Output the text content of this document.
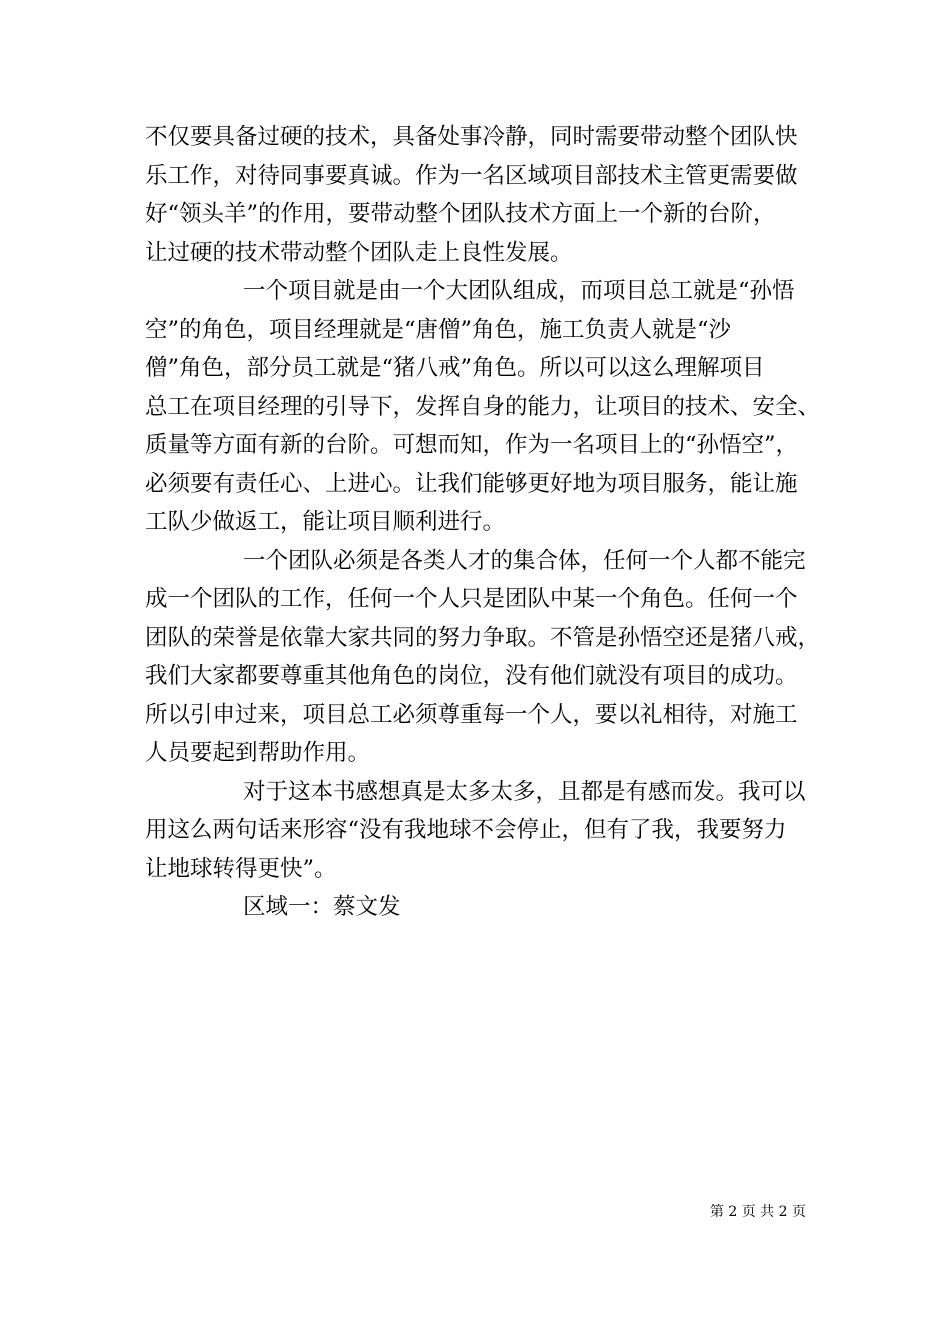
不仅要具备过硬的技术，具备处事冷静，同时需要带动整个团队快
乐工作，对待同事要真诚。作为一名区域项目部技术主管更需要做
好“领头羊”的作用，要带动整个团队技术方面上一个新的台阶，
让过硬的技术带动整个团队走上良性发展。
一个项目就是由一个大团队组成，而项目总工就是“孙悟
空”的角色，项目经理就是“唐僧”角色，施工负责人就是“沙
僧”角色，部分员工就是“猪八戒”角色。所以可以这么理解项目
总工在项目经理的引导下，发挥自身的能力，让项目的技术、安全、
质量等方面有新的台阶。可想而知，作为一名项目上的“孙悟空”，
必须要有责任心、上进心。让我们能够更好地为项目服务，能让施
工队少做返工，能让项目顺利进行。
一个团队必须是各类人才的集合体，任何一个人都不能完
成一个团队的工作，任何一个人只是团队中某一个角色。任何一个
团队的荣誉是依靠大家共同的努力争取。不管是孙悟空还是猪八戒，
我们大家都要尊重其他角色的岗位，没有他们就没有项目的成功。
所以引申过来，项目总工必须尊重每一个人，要以礼相待，对施工
人员要起到帮助作用。
对于这本书感想真是太多太多，且都是有感而发。我可以
用这么两句话来形容“没有我地球不会停止，但有了我，我要努力
让地球转得更快”。
区域一：蔡文发
第 2 页 共 2 页
